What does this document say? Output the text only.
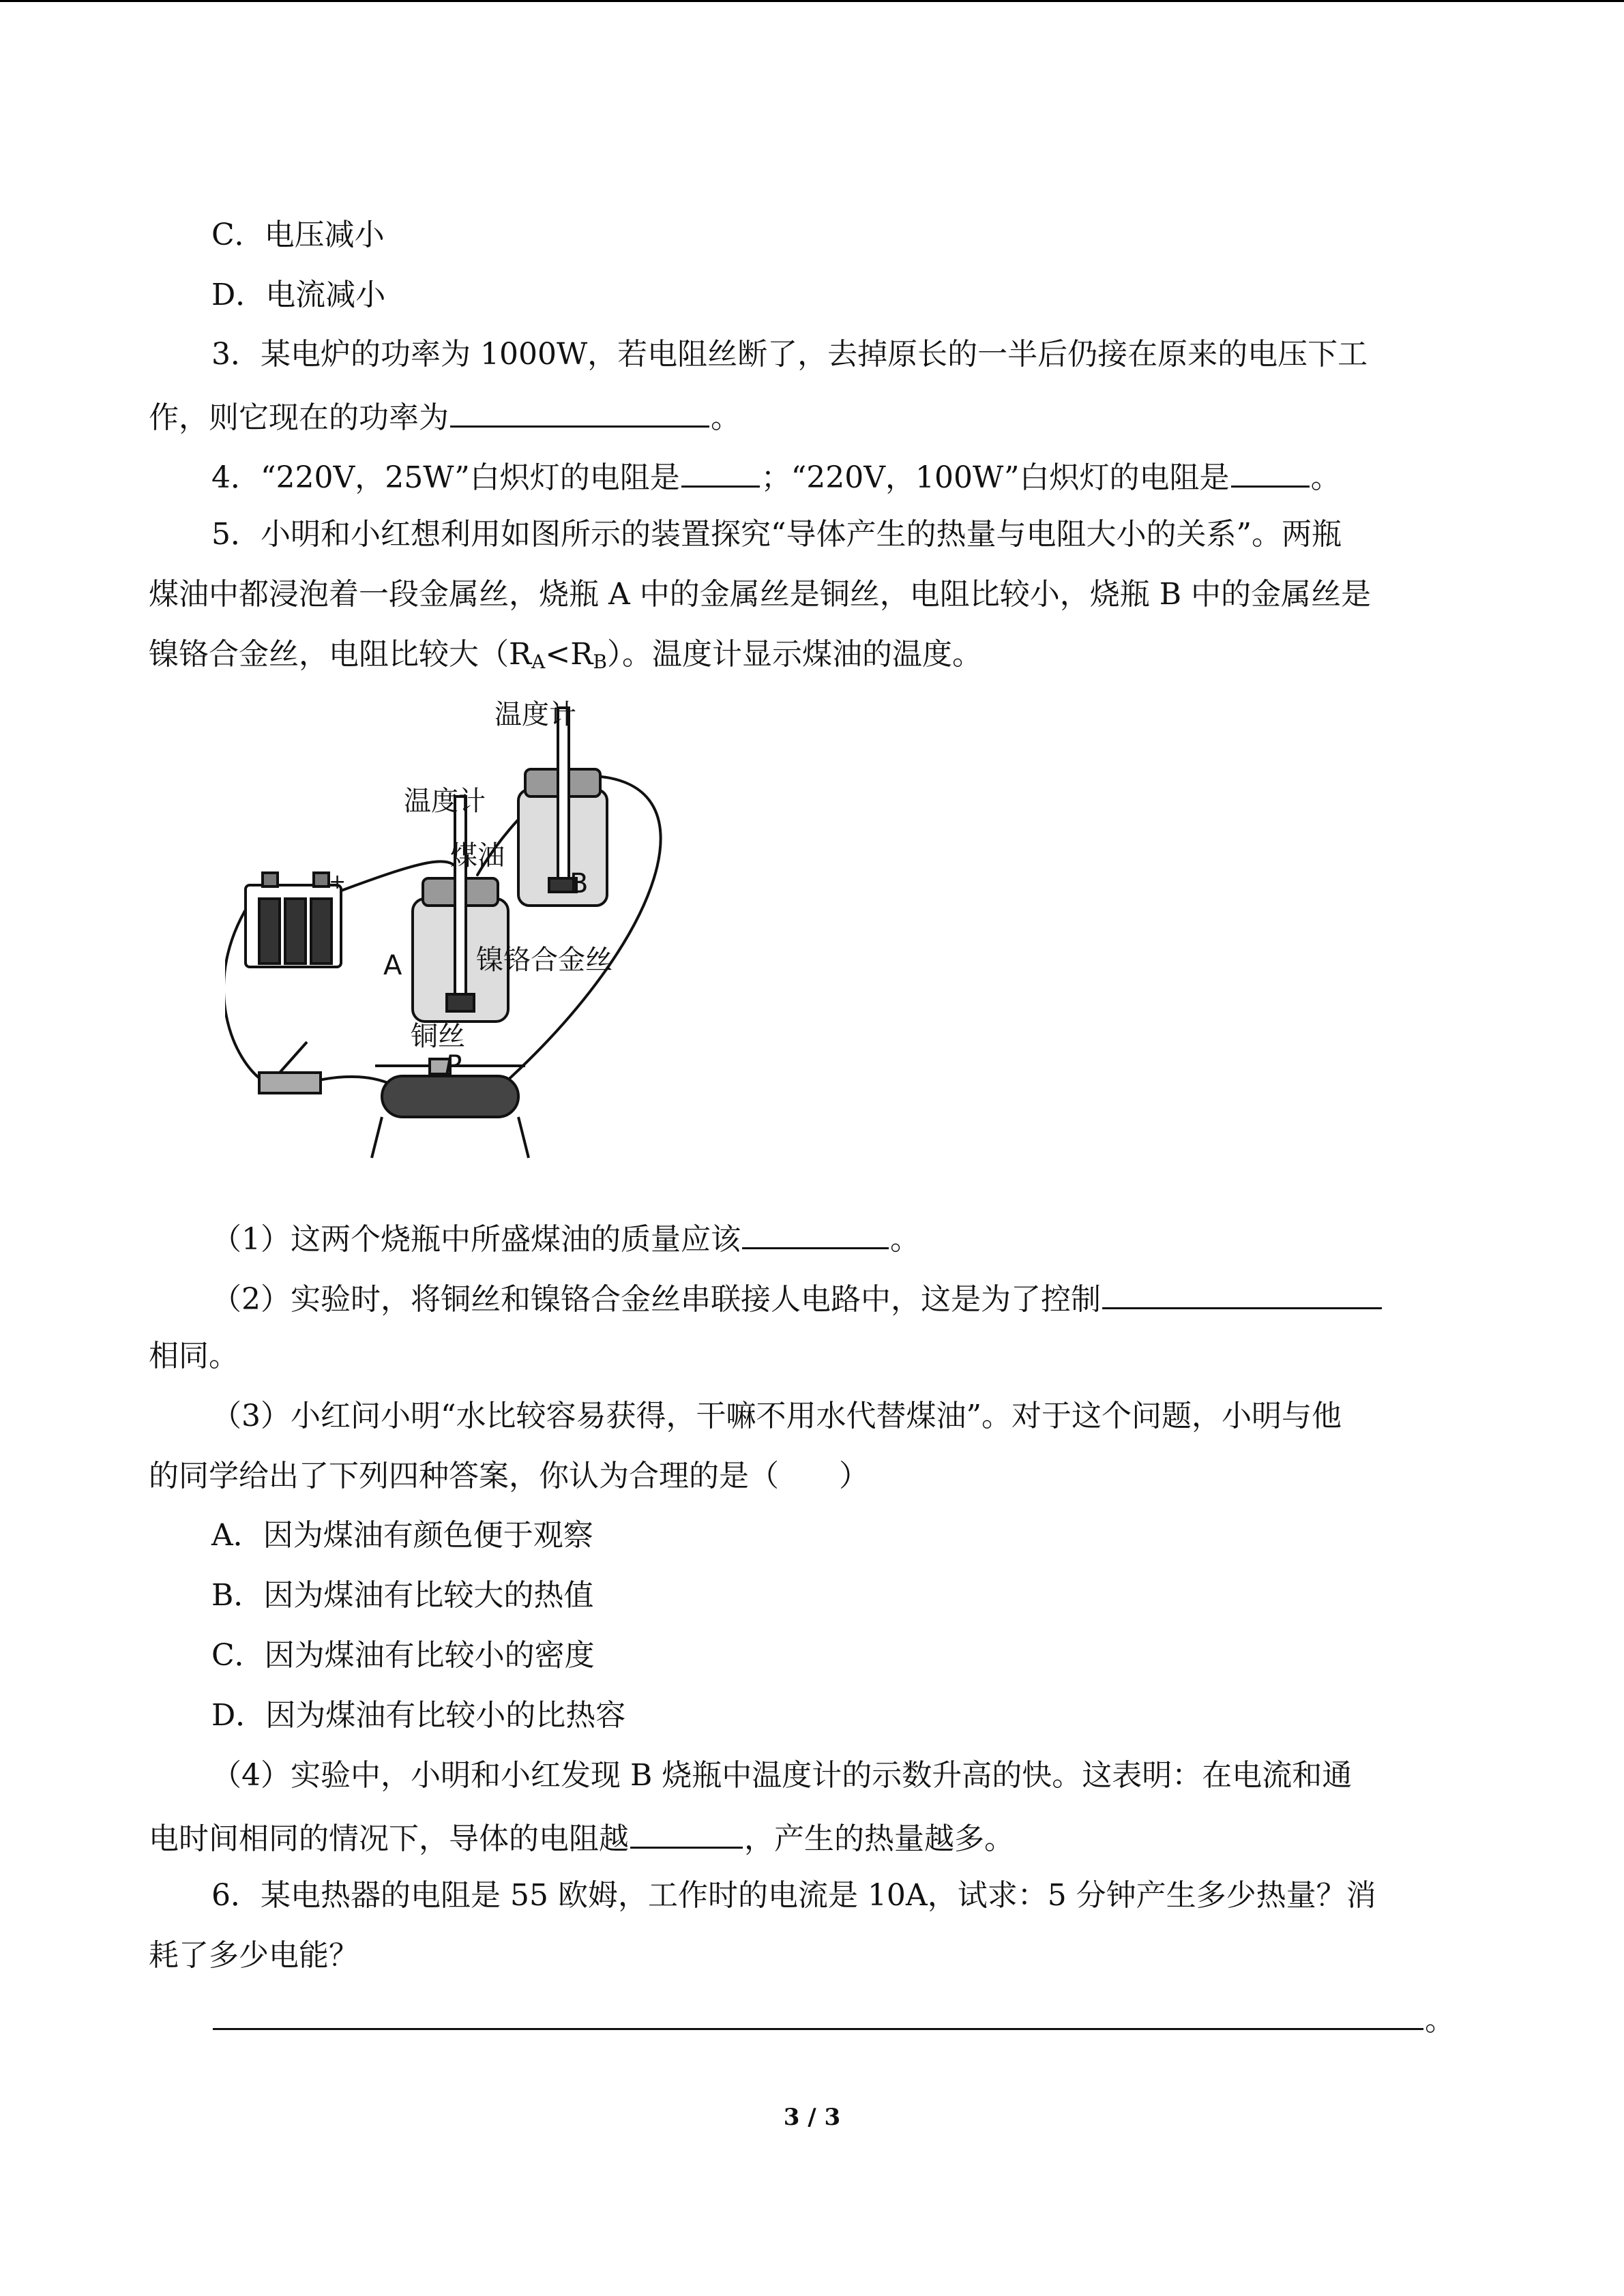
C．电压减小
D．电流减小
3．某电炉的功率为 1000W，若电阻丝断了，去掉原长的一半后仍接在原来的电压下工
作，则它现在的功率为	。
4．“220V，25W”白炽灯的电阻是	；“220V，100W”白炽灯的电阻是	。
5．小明和小红想利用如图所示的装置探究“导体产生的热量与电阻大小的关系”。两瓶
煤油中都浸泡着一段金属丝，烧瓶 A 中的金属丝是铜丝，电阻比较小，烧瓶 B 中的金属丝是
镍铬合金丝，电阻比较大$(R_A<R_B)$。温度计显示煤油的温度。
温度计
温度计
煤油
B
A	镍铬合金丝
铜丝
P
+
（1）这两个烧瓶中所盛煤油的质量应该	。
（2）实验时，将铜丝和镍铬合金丝串联接人电路中，这是为了控制
相同。
（3）小红问小明“水比较容易获得，干嘛不用水代替煤油”。对于这个问题，小明与他
的同学给出了下列四种答案，你认为合理的是（　　）
A．因为煤油有颜色便于观察
B．因为煤油有比较大的热值
C．因为煤油有比较小的密度
D．因为煤油有比较小的比热容
（4）实验中，小明和小红发现 B 烧瓶中温度计的示数升高的快。这表明：在电流和通
电时间相同的情况下，导体的电阻越	，产生的热量越多。
6．某电热器的电阻是 55 欧姆，工作时的电流是 10A，试求：5 分钟产生多少热量？消
耗了多少电能？
。
3 / 3
